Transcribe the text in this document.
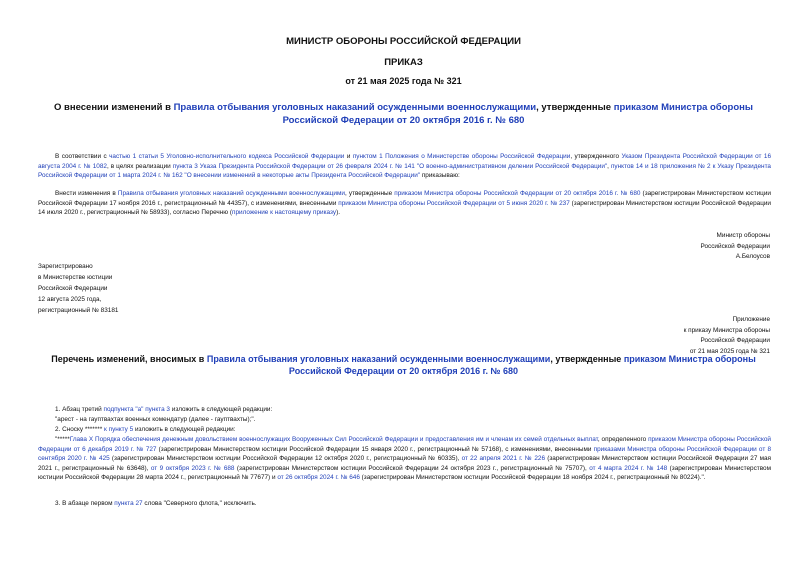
МИНИСТР ОБОРОНЫ РОССИЙСКОЙ ФЕДЕРАЦИИ
ПРИКАЗ
от 21 мая 2025 года № 321
О внесении изменений в Правила отбывания уголовных наказаний осужденными военнослужащими, утвержденные приказом Министра обороны Российской Федерации от 20 октября 2016 г. № 680
В соответствии с частью 1 статьи 5 Уголовно-исполнительного кодекса Российской Федерации и пунктом 1 Положения о Министерстве обороны Российской Федерации, утвержденного Указом Президента Российской Федерации от 16 августа 2004 г. № 1082, в целях реализации пункта 3 Указа Президента Российской Федерации от 26 февраля 2024 г. № 141 "О военно-административном делении Российской Федерации", пунктов 14 и 18 приложения № 2 к Указу Президента Российской Федерации от 1 марта 2024 г. № 162 "О внесении изменений в некоторые акты Президента Российской Федерации" приказываю:
Внести изменения в Правила отбывания уголовных наказаний осужденными военнослужащими, утвержденные приказом Министра обороны Российской Федерации от 20 октября 2016 г. № 680 (зарегистрирован Министерством юстиции Российской Федерации 17 ноября 2016 г., регистрационный № 44357), с изменениями, внесенными приказом Министра обороны Российской Федерации от 5 июня 2020 г. № 237 (зарегистрирован Министерством юстиции Российской Федерации 14 июля 2020 г., регистрационный № 58933), согласно Перечню (приложение к настоящему приказу).
Министр обороны
Российской Федерации
А.Белоусов
Зарегистрировано
в Министерстве юстиции
Российской Федерации
12 августа 2025 года,
регистрационный № 83181
Приложение
к приказу Министра обороны
Российской Федерации
от 21 мая 2025 года № 321
Перечень изменений, вносимых в Правила отбывания уголовных наказаний осужденными военнослужащими, утвержденные приказом Министра обороны Российской Федерации от 20 октября 2016 г. № 680
1. Абзац третий подпункта "а" пункта 3 изложить в следующей редакции:
"арест - на гауптвахтах военных комендатур (далее - гауптвахты);".
2. Сноску ******* к пункту 5 изложить в следующей редакции:
"*****Глава X Порядка обеспечения денежным довольствием военнослужащих Вооруженных Сил Российской Федерации и предоставления им и членам их семей отдельных выплат, определенного приказом Министра обороны Российской Федерации от 6 декабря 2019 г. № 727 (зарегистрирован Министерством юстиции Российской Федерации 15 января 2020 г., регистрационный № 57168), с изменениями, внесенными приказами Министра обороны Российской Федерации от 8 сентября 2020 г. № 425 (зарегистрирован Министерством юстиции Российской Федерации 12 октября 2020 г., регистрационный № 60335), от 22 апреля 2021 г. № 226 (зарегистрирован Министерством юстиции Российской Федерации 27 мая 2021 г., регистрационный № 63648), от 9 октября 2023 г. № 688 (зарегистрирован Министерством юстиции Российской Федерации 24 октября 2023 г., регистрационный № 75707), от 4 марта 2024 г. № 148 (зарегистрирован Министерством юстиции Российской Федерации 28 марта 2024 г., регистрационный № 77677) и от 26 октября 2024 г. № 646 (зарегистрирован Министерством юстиции Российской Федерации 18 ноября 2024 г., регистрационный № 80224).".
3. В абзаце первом пункта 27 слова "Северного флота," исключить.
